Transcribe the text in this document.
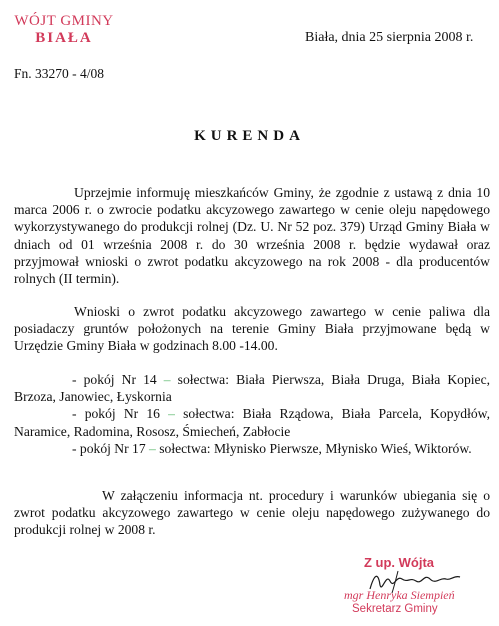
WÓJT GMINY
BIAŁA	Biała, dnia 25 sierpnia 2008 r.
Fn. 33270 - 4/08
KURENDA
Uprzejmie informuję mieszkańców Gminy, że zgodnie z ustawą z dnia 10 marca 2006 r. o zwrocie podatku akcyzowego zawartego w cenie oleju napędowego wykorzystywanego do produkcji rolnej (Dz. U. Nr 52 poz. 379) Urząd Gminy Biała w dniach od 01 września 2008 r. do 30 września 2008 r. będzie wydawał oraz przyjmował wnioski o zwrot podatku akcyzowego na rok 2008 - dla producentów rolnych (II termin).
Wnioski o zwrot podatku akcyzowego zawartego w cenie paliwa dla posiadaczy gruntów położonych na terenie Gminy Biała przyjmowane będą w Urzędzie Gminy Biała w godzinach 8.00 -14.00.
- pokój Nr 14 – sołectwa: Biała Pierwsza, Biała Druga, Biała Kopiec, Brzoza, Janowiec, Łyskornia
- pokój Nr 16 – sołectwa: Biała Rządowa, Biała Parcela, Kopydłów, Naramice, Radomina, Rososz, Śmiecheń, Zabłocie
- pokój Nr 17 – sołectwa: Młynisko Pierwsze, Młynisko Wieś, Wiktorów.
W załączeniu informacja nt. procedury i warunków ubiegania się o zwrot podatku akcyzowego zawartego w cenie oleju napędowego zużywanego do produkcji rolnej w 2008 r.
Z up. Wójta
mgr Henryka Siempień
Sekretarz Gminy
